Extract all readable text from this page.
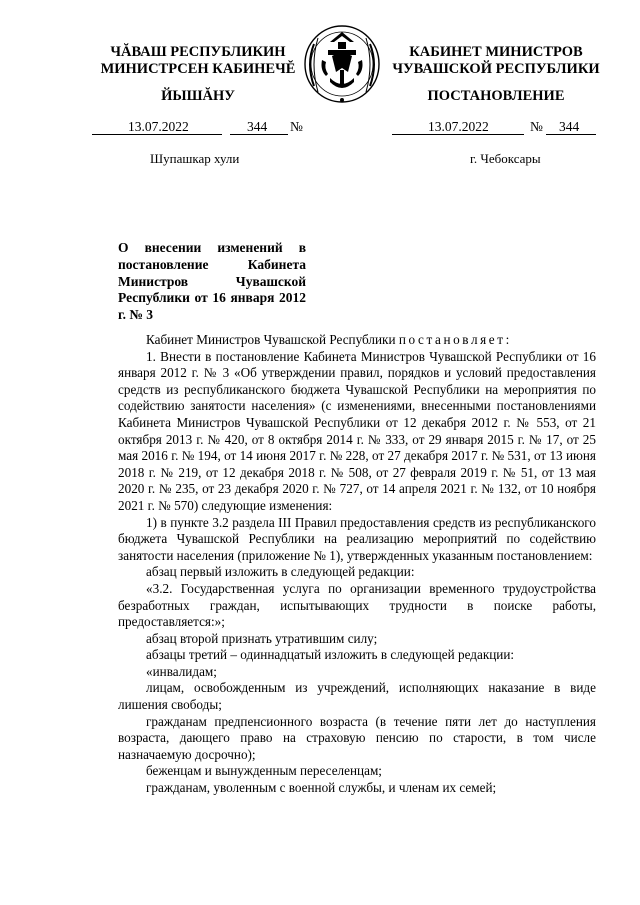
ЧĂВАШ РЕСПУБЛИКИН
МИНИСТРСЕН КАБИНЕЧĔ
ЙЫШĂНУ
КАБИНЕТ МИНИСТРОВ
ЧУВАШСКОЙ РЕСПУБЛИКИ
ПОСТАНОВЛЕНИЕ
13.07.2022	344 №	13.07.2022	№ 344
Шупашкар хули	г. Чебоксары
О внесении изменений в постановление Кабинета Министров Чувашской Республики от 16 января 2012 г. № 3

Кабинет Министров Чувашской Республики постановляет:

1. Внести в постановление Кабинета Министров Чувашской Республики от 16 января 2012 г. № 3 «Об утверждении правил, порядков и условий предоставления средств из республиканского бюджета Чувашской Республики на мероприятия по содействию занятости населения» (с изменениями, внесенными постановлениями Кабинета Министров Чувашской Республики от 12 декабря 2012 г. № 553, от 21 октября 2013 г. № 420, от 8 октября 2014 г. № 333, от 29 января 2015 г. № 17, от 25 мая 2016 г. № 194, от 14 июня 2017 г. № 228, от 27 декабря 2017 г. № 531, от 13 июня 2018 г. № 219, от 12 декабря 2018 г. № 508, от 27 февраля 2019 г. № 51, от 13 мая 2020 г. № 235, от 23 декабря 2020 г. № 727, от 14 апреля 2021 г. № 132, от 10 ноября 2021 г. № 570) следующие изменения:

1) в пункте 3.2 раздела III Правил предоставления средств из республиканского бюджета Чувашской Республики на реализацию мероприятий по содействию занятости населения (приложение № 1), утвержденных указанным постановлением:

абзац первый изложить в следующей редакции:

«3.2. Государственная услуга по организации временного трудоустройства безработных граждан, испытывающих трудности в поиске работы, предоставляется:»;

абзац второй признать утратившим силу;

абзацы третий – одиннадцатый изложить в следующей редакции:

«инвалидам;

лицам, освобожденным из учреждений, исполняющих наказание в виде лишения свободы;

гражданам предпенсионного возраста (в течение пяти лет до наступления возраста, дающего право на страховую пенсию по старости, в том числе назначаемую досрочно);

беженцам и вынужденным переселенцам;

гражданам, уволенным с военной службы, и членам их семей;
